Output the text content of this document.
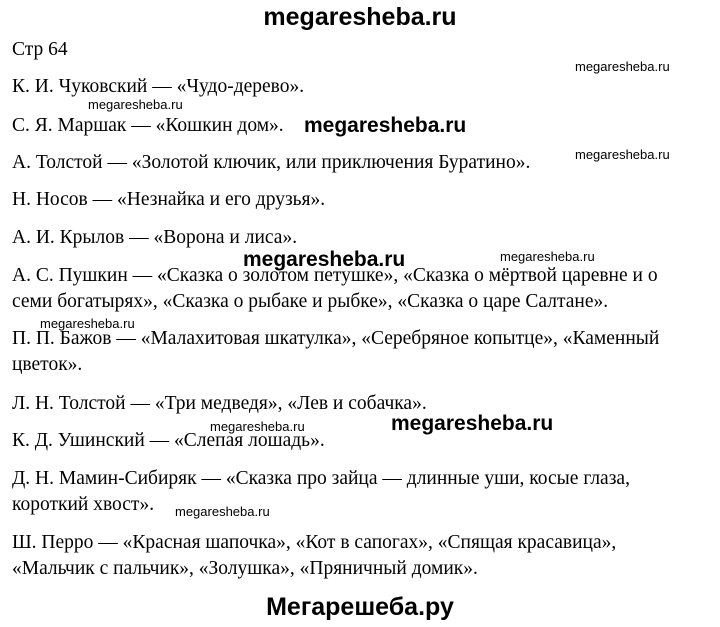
megaresheba.ru
Стр 64
К. И. Чуковский — «Чудо-дерево».
С. Я. Маршак — «Кошкин дом».
А. Толстой — «Золотой ключик, или приключения Буратино».
Н. Носов — «Незнайка и его друзья».
А. И. Крылов — «Ворона и лиса».
А. С. Пушкин — «Сказка о золотом петушке», «Сказка о мёртвой царевне и о
семи богатырях», «Сказка о рыбаке и рыбке», «Сказка о царе Салтане».
П. П. Бажов — «Малахитовая шкатулка», «Серебряное копытце», «Каменный
цветок».
Л. Н. Толстой — «Три медведя», «Лев и собачка».
К. Д. Ушинский — «Слепая лошадь».
Д. Н. Мамин-Сибиряк — «Сказка про зайца — длинные уши, косые глаза,
короткий хвост».
Ш. Перро — «Красная шапочка», «Кот в сапогах», «Спящая красавица»,
«Мальчик с пальчик», «Золушка», «Пряничный домик».
megaresheba.ru
megaresheba.ru
megaresheba.ru
megaresheba.ru
megaresheba.ru
megaresheba.ru
megaresheba.ru
megaresheba.ru
megaresheba.ru
megaresheba.ru
Мегарешеба.ру
